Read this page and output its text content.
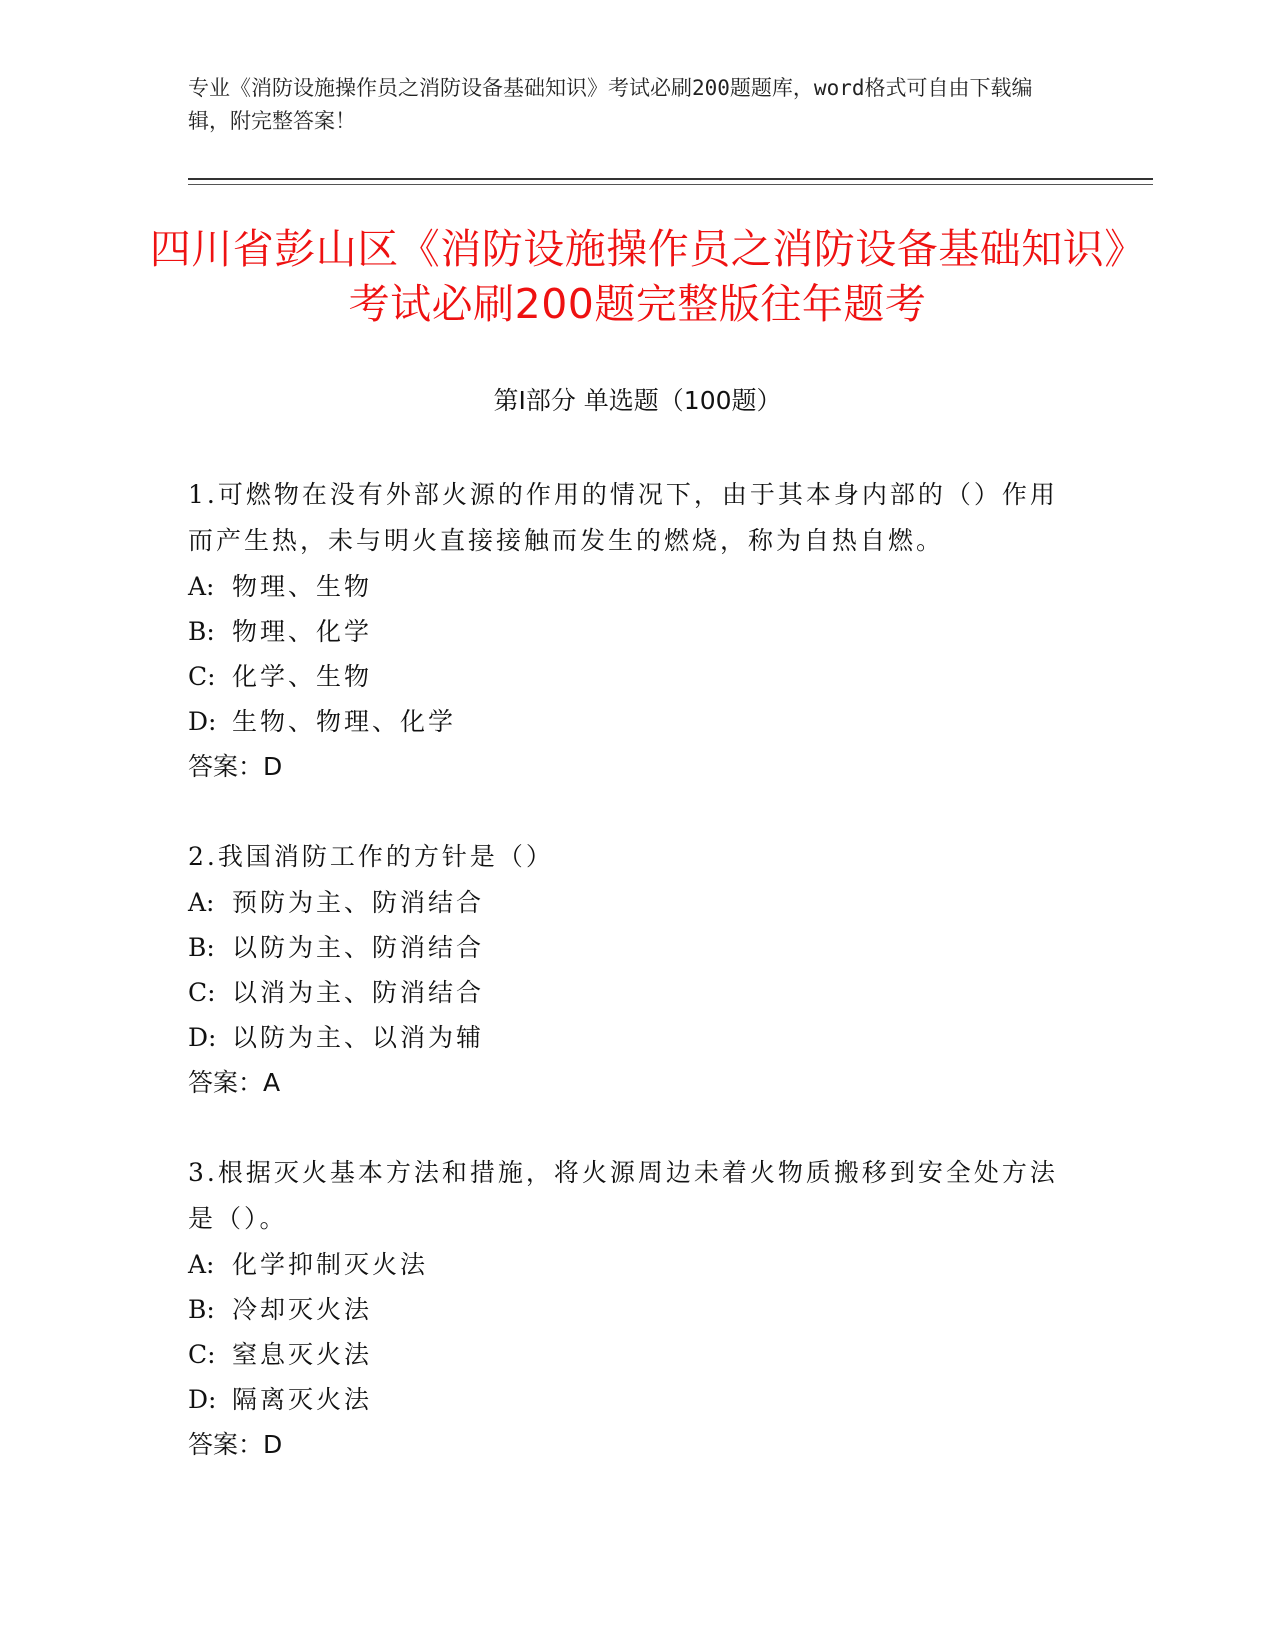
专业《消防设施操作员之消防设备基础知识》考试必刷200题题库，word格式可自由下载编辑，附完整答案！
四川省彭山区《消防设施操作员之消防设备基础知识》考试必刷200题完整版往年题考
第I部分 单选题（100题）
1.可燃物在没有外部火源的作用的情况下，由于其本身内部的（）作用而产生热，未与明火直接接触而发生的燃烧，称为自热自燃。
A: 物理、生物
B: 物理、化学
C: 化学、生物
D: 生物、物理、化学
答案：D
2.我国消防工作的方针是（）
A: 预防为主、防消结合
B: 以防为主、防消结合
C: 以消为主、防消结合
D: 以防为主、以消为辅
答案：A
3.根据灭火基本方法和措施，将火源周边未着火物质搬移到安全处方法是（）。
A: 化学抑制灭火法
B: 冷却灭火法
C: 窒息灭火法
D: 隔离灭火法
答案：D
